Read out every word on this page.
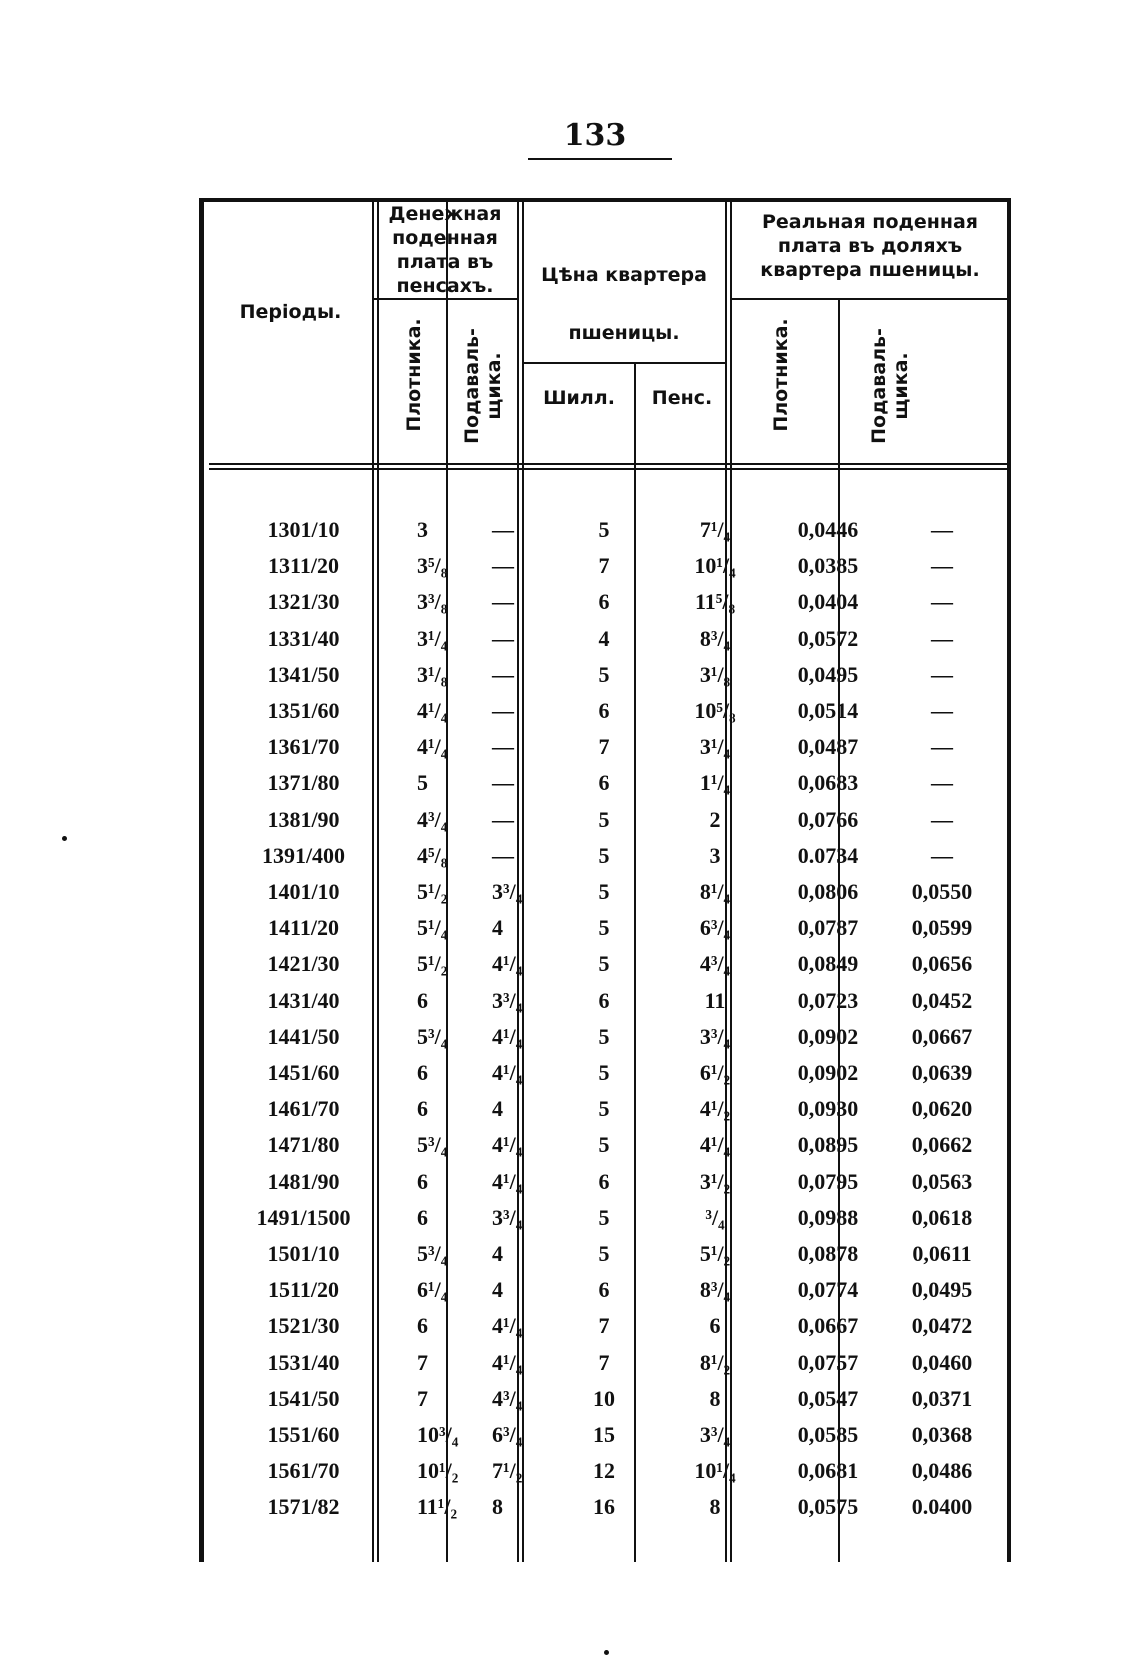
133
Періоды.
Денежная поденная плата въ пенсахъ.	Цѣна квартера пшеницы.
Реальная поденная плата въ доляхъ квартера пшеницы.
Плотника. Подаваль-щика.	Шилл.	Пенс.	Плотника.	Подаваль-щика.
1301/10	3	—	5	7¹/₄	0,0446	—
1311/20	3⁵/₈	—	7	10¹/₄	0,0385	—
1321/30	3³/₈	—	6	11⁵/₈	0,0404	—
1331/40	3¹/₄	—	4	8³/₄	0,0572	—
1341/50	3¹/₈	—	5	3¹/₈	0,0495	—
1351/60	4¹/₄	—	6	10⁵/₈	0,0514	—
1361/70	4¹/₄	—	7	3¹/₄	0,0487	—
1371/80	5	—	6	1¹/₄	0,0683	—
1381/90	4³/₄	—	5	2	0,0766	—
1391/400	4⁵/₈	—	5	3	0.0734	—
1401/10	5¹/₂	3³/₄	5	8¹/₄	0,0806	0,0550
1411/20	5¹/₄	4	5	6³/₄	0,0787	0,0599
1421/30	5¹/₂	4¹/₄	5	4³/₄	0,0849	0,0656
1431/40	6	3³/₄	6	11	0,0723	0,0452
1441/50	5³/₄	4¹/₄	5	3³/₄	0,0902	0,0667
1451/60	6	4¹/₄	5	6¹/₂	0,0902	0,0639
1461/70	6	4	5	4¹/₂	0,0930	0,0620
1471/80	5³/₄	4¹/₄	5	4¹/₄	0,0895	0,0662
1481/90	6	4¹/₄	6	3¹/₂	0,0795	0,0563
1491/1500	6	3³/₄	5	³/₄	0,0988	0,0618
1501/10	5³/₄	4	5	5¹/₂	0,0878	0,0611
1511/20	6¹/₄	4	6	8³/₄	0,0774	0,0495
1521/30	6	4¹/₄	7	6	0,0667	0,0472
1531/40	7	4¹/₄	7	8¹/₂	0,0757	0,0460
1541/50	7	4³/₄	10	8	0,0547	0,0371
1551/60	10³/₄	6³/₄	15	3³/₄	0,0585	0,0368
1561/70	10¹/₂	7¹/₂	12	10¹/₄	0,0681	0,0486
1571/82	11¹/₂	8	16	8	0,0575	0.0400
